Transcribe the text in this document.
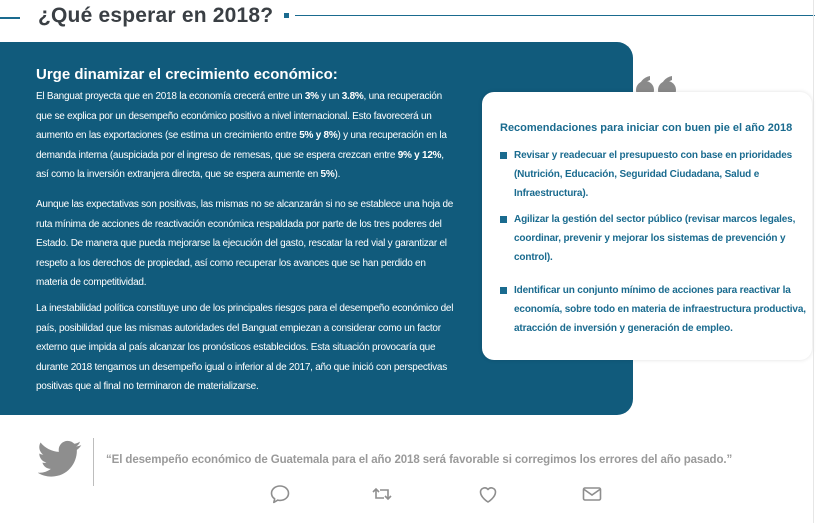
¿Qué esperar en 2018?
Urge dinamizar el crecimiento económico:

El Banguat proyecta que en 2018 la economía crecerá entre un 3% y un 3.8%, una recuperación que se explica por un desempeño económico positivo a nivel internacional. Esto favorecerá un aumento en las exportaciones (se estima un crecimiento entre 5% y 8%) y una recuperación en la demanda interna (auspiciada por el ingreso de remesas, que se espera crezcan entre 9% y 12%, así como la inversión extranjera directa, que se espera aumente en 5%).

Aunque las expectativas son positivas, las mismas no se alcanzarán si no se establece una hoja de ruta mínima de acciones de reactivación económica respaldada por parte de los tres poderes del Estado. De manera que pueda mejorarse la ejecución del gasto, rescatar la red vial y garantizar el respeto a los derechos de propiedad, así como recuperar los avances que se han perdido en materia de competitividad.

La inestabilidad política constituye uno de los principales riesgos para el desempeño económico del país, posibilidad que las mismas autoridades del Banguat empiezan a considerar como un factor externo que impida al país alcanzar los pronósticos establecidos. Esta situación provocaría que durante 2018 tengamos un desempeño igual o inferior al de 2017, año que inició con perspectivas positivas que al final no terminaron de materializarse.

Recomendaciones para iniciar con buen pie el año 2018
Revisar y readecuar el presupuesto con base en prioridades (Nutrición, Educación, Seguridad Ciudadana, Salud e Infraestructura).
Agilizar la gestión del sector público (revisar marcos legales, coordinar, prevenir y mejorar los sistemas de prevención y control).
Identificar un conjunto mínimo de acciones para reactivar la economía, sobre todo en materia de infraestructura productiva, atracción de inversión y generación de empleo.
“El desempeño económico de Guatemala para el año 2018 será favorable si corregimos los errores del año pasado.”
